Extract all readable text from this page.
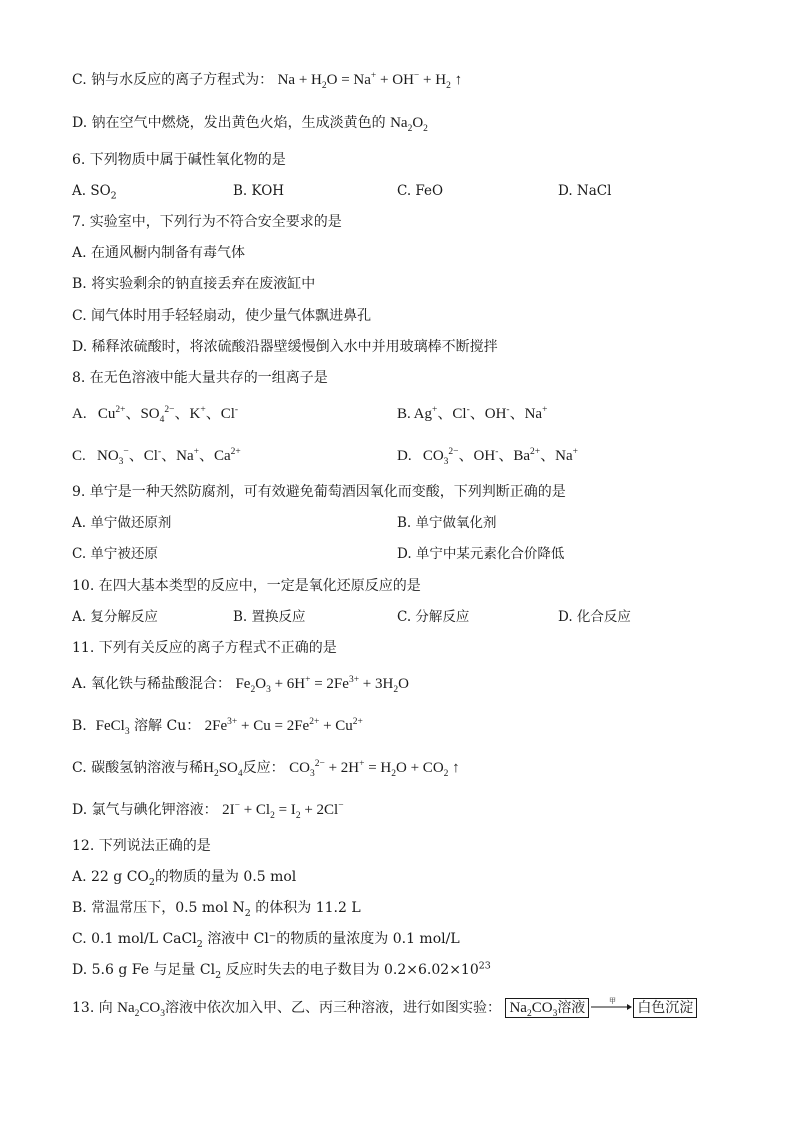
C. 钠与水反应的离子方程式为： $Na + H_2O = Na^+ + OH^- + H_2$ ↑
D. 钠在空气中燃烧，发出黄色火焰，生成淡黄色的 $Na_2O_2$
6. 下列物质中属于碱性氧化物的是
A. $SO_2$	B. KOH	C. FeO	D. NaCl
7. 实验室中，下列行为不符合安全要求的是
A. 在通风橱内制备有毒气体
B. 将实验剩余的钠直接丢弃在废液缸中
C. 闻气体时用手轻轻扇动，使少量气体飘进鼻孔
D. 稀释浓硫酸时，将浓硫酸沿器壁缓慢倒入水中并用玻璃棒不断搅拌
8. 在无色溶液中能大量共存的一组离子是
A.   $Cu^{2+}$、$SO_4^{2-}$、K+、Cl-	B. Ag+、Cl-、OH-、Na+
C.   $NO_3^-$、Cl-、Na+、$Ca^{2+}$	D.   $CO_3^{2-}$、OH-、$Ba^{2+}$、Na+
9. 单宁是一种天然防腐剂，可有效避免葡萄酒因氧化而变酸，下列判断正确的是
A. 单宁做还原剂	B. 单宁做氧化剂
C. 单宁被还原	D. 单宁中某元素化合价降低
10. 在四大基本类型的反应中，一定是氧化还原反应的是
A. 复分解反应	B. 置换反应	C. 分解反应	D. 化合反应
11. 下列有关反应的离子方程式不正确的是
A. 氧化铁与稀盐酸混合： $Fe_2O_3 + 6H^+ = 2Fe^{3+} + 3H_2O$
B.  FeCl$_3$ 溶解 Cu： $2Fe^{3+} + Cu = 2Fe^{2+} + Cu^{2+}$
C. 碳酸氢钠溶液与稀$H_2SO_4$反应： $CO_3^{2-} + 2H^+ = H_2O + CO_2$ ↑
D. 氯气与碘化钾溶液： $2I^- + Cl_2 = I_2 + 2Cl^-$
12. 下列说法正确的是
A. 22 g $CO_2$的物质的量为 0.5 mol
B. 常温常压下，0.5 mol $N_2$ 的体积为 11.2 L
C. 0.1 mol/L CaCl$_2$ 溶液中 Cl⁻的物质的量浓度为 0.1 mol/L
D. 5.6 g Fe 与足量 $Cl_2$ 反应时失去的电子数目为 $0.2\times 6.02\times 10^{23}$
13. 向 $Na_2CO_3$溶液中依次加入甲、乙、丙三种溶液，进行如图实验： $Na_2CO_3$溶液	甲 白色沉淀
